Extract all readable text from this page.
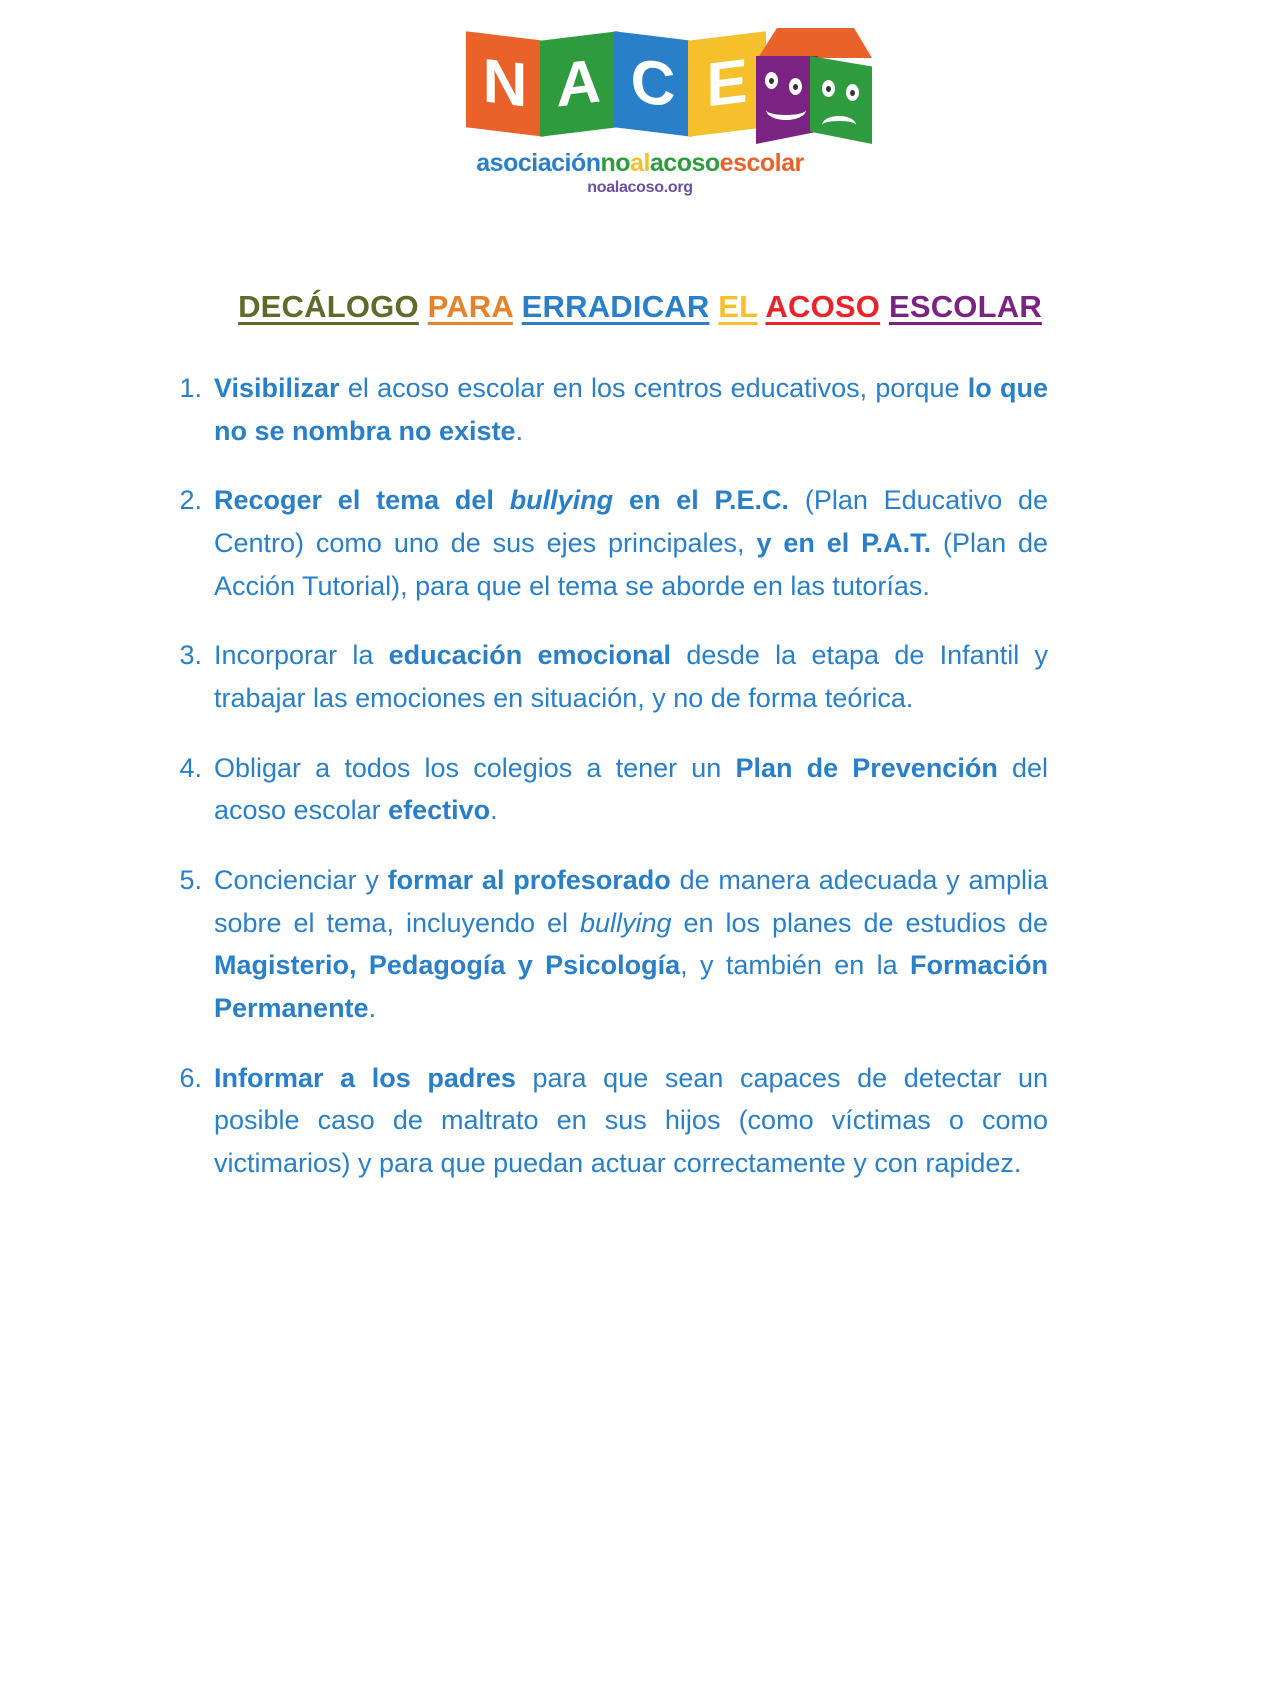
N A C E
asociaciónnoalacosoescolar
noalacoso.org
DECÁLOGO PARA ERRADICAR EL ACOSO ESCOLAR
1. Visibilizar el acoso escolar en los centros educativos, porque lo que no se nombra no existe.
2. Recoger el tema del bullying en el P.E.C. (Plan Educativo de Centro) como uno de sus ejes principales, y en el P.A.T. (Plan de Acción Tutorial), para que el tema se aborde en las tutorías.
3. Incorporar la educación emocional desde la etapa de Infantil y trabajar las emociones en situación, y no de forma teórica.
4. Obligar a todos los colegios a tener un Plan de Prevención del acoso escolar efectivo.
5. Concienciar y formar al profesorado de manera adecuada y amplia sobre el tema, incluyendo el bullying en los planes de estudios de Magisterio, Pedagogía y Psicología, y también en la Formación Permanente.
6. Informar a los padres para que sean capaces de detectar un posible caso de maltrato en sus hijos (como víctimas o como victimarios) y para que puedan actuar correctamente y con rapidez.
